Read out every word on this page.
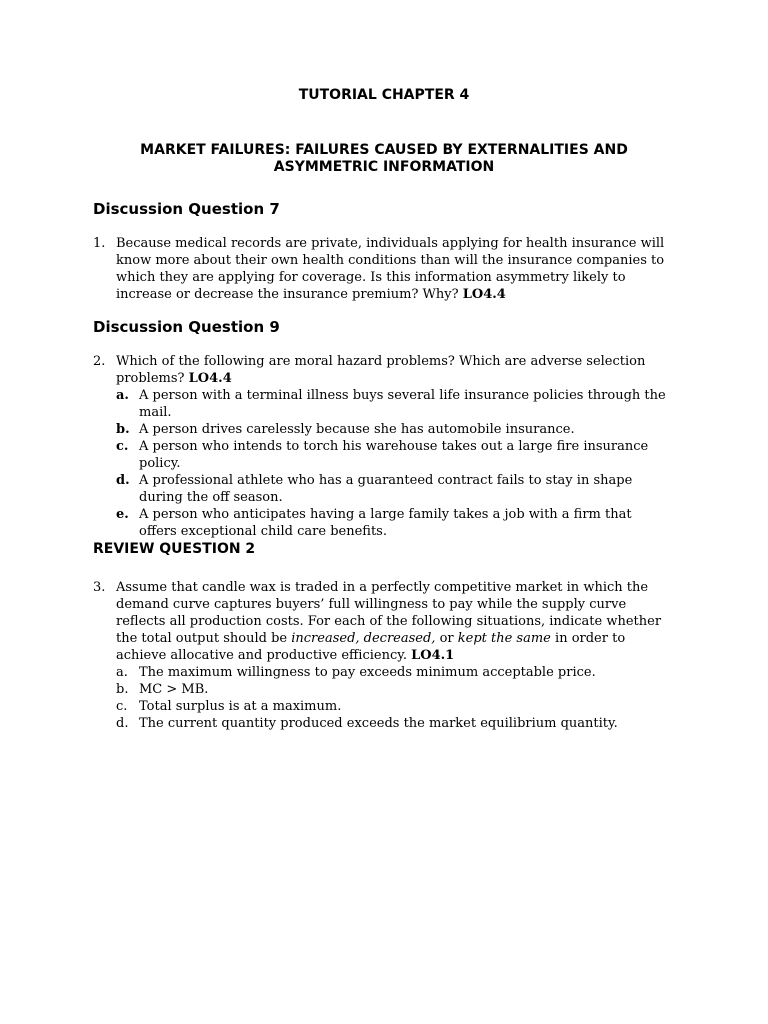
TUTORIAL CHAPTER 4
MARKET FAILURES: FAILURES CAUSED BY EXTERNALITIES AND ASYMMETRIC INFORMATION
Discussion Question 7
1. Because medical records are private, individuals applying for health insurance will know more about their own health conditions than will the insurance companies to which they are applying for coverage. Is this information asymmetry likely to increase or decrease the insurance premium? Why? LO4.4
Discussion Question 9
2. Which of the following are moral hazard problems? Which are adverse selection problems? LO4.4
a. A person with a terminal illness buys several life insurance policies through the mail.
b. A person drives carelessly because she has automobile insurance.
c. A person who intends to torch his warehouse takes out a large fire insurance policy.
d. A professional athlete who has a guaranteed contract fails to stay in shape during the off season.
e. A person who anticipates having a large family takes a job with a firm that offers exceptional child care benefits.
REVIEW QUESTION 2
3. Assume that candle wax is traded in a perfectly competitive market in which the demand curve captures buyers’ full willingness to pay while the supply curve reflects all production costs. For each of the following situations, indicate whether the total output should be increased, decreased, or kept the same in order to achieve allocative and productive efficiency. LO4.1
a. The maximum willingness to pay exceeds minimum acceptable price.
b. MC > MB.
c. Total surplus is at a maximum.
d. The current quantity produced exceeds the market equilibrium quantity.
